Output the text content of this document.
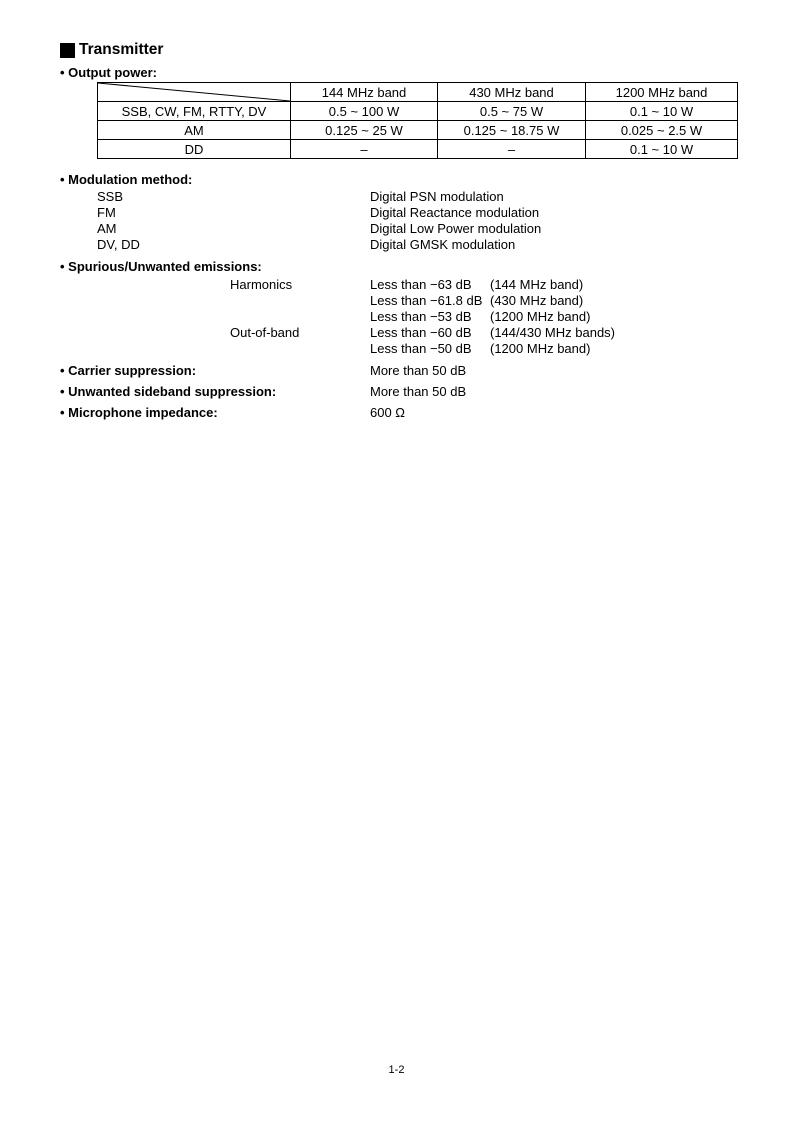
Transmitter
• Output power:
	144 MHz band	430 MHz band	1200 MHz band
SSB, CW, FM, RTTY, DV	0.5 ~ 100 W	0.5 ~ 75 W	0.1 ~ 10 W
AM	0.125 ~ 25 W	0.125 ~ 18.75 W	0.025 ~ 2.5 W
DD	–	–	0.1 ~ 10 W
• Modulation method:
SSB	Digital PSN modulation
FM	Digital Reactance modulation
AM	Digital Low Power modulation
DV, DD	Digital GMSK modulation
• Spurious/Unwanted emissions:
Harmonics	Less than −63 dB (144 MHz band)
Less than −61.8 dB (430 MHz band)
Less than −53 dB (1200 MHz band)
Out-of-band	Less than −60 dB (144/430 MHz bands)
Less than −50 dB (1200 MHz band)
• Carrier suppression:	More than 50 dB
• Unwanted sideband suppression:	More than 50 dB
• Microphone impedance:	600 Ω
1-2
